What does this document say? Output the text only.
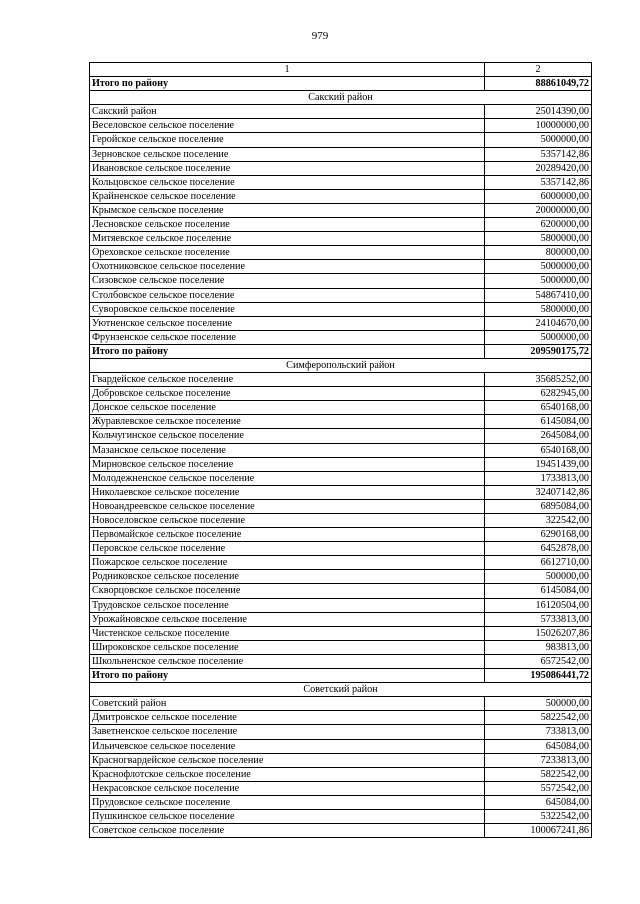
979
1	2
Итого по району	88861049,72
Сакский район	
Сакский район	25014390,00
Веселовское сельское поселение	10000000,00
Геройское сельское поселение	5000000,00
Зерновское сельское поселение	5357142,86
Ивановское сельское поселение	20289420,00
Кольцовское сельское поселение	5357142,86
Крайненское сельское поселение	6000000,00
Крымское сельское поселение	20000000,00
Лесновское сельское поселение	6200000,00
Митяевское сельское поселение	5800000,00
Ореховское сельское поселение	800000,00
Охотниковское сельское поселение	5000000,00
Сизовское сельское поселение	5000000,00
Столбовское сельское поселение	54867410,00
Суворовское сельское поселение	5800000,00
Уютненское сельское поселение	24104670,00
Фрунзенское сельское поселение	5000000,00
Итого по району	209590175,72
Симферопольский район	
Гвардейское сельское поселение	35685252,00
Добровское сельское поселение	6282945,00
Донское сельское поселение	6540168,00
Журавлевское сельское поселение	6145084,00
Кольчугинское сельское поселение	2645084,00
Мазанское сельское поселение	6540168,00
Мирновское сельское поселение	19451439,00
Молодежненское сельское поселение	1733813,00
Николаевское сельское поселение	32407142,86
Новоандреевское сельское поселение	6895084,00
Новоселовское сельское поселение	322542,00
Первомайское сельское поселение	6290168,00
Перовское сельское поселение	6452878,00
Пожарское сельское поселение	6612710,00
Родниковское сельское поселение	500000,00
Скворцовское сельское поселение	6145084,00
Трудовское сельское поселение	16120504,00
Урожайновское сельское поселение	5733813,00
Чистенское сельское поселение	15026207,86
Широковское сельское поселение	983813,00
Школьненское сельское поселение	6572542,00
Итого по району	195086441,72
Советский район	
Советский район	500000,00
Дмитровское сельское поселение	5822542,00
Заветненское сельское поселение	733813,00
Ильичевское сельское поселение	645084,00
Красногвардейское сельское поселение	7233813,00
Краснофлотское сельское поселение	5822542,00
Некрасовское сельское поселение	5572542,00
Прудовское сельское поселение	645084,00
Пушкинское сельское поселение	5322542,00
Советское сельское поселение	100067241,86
